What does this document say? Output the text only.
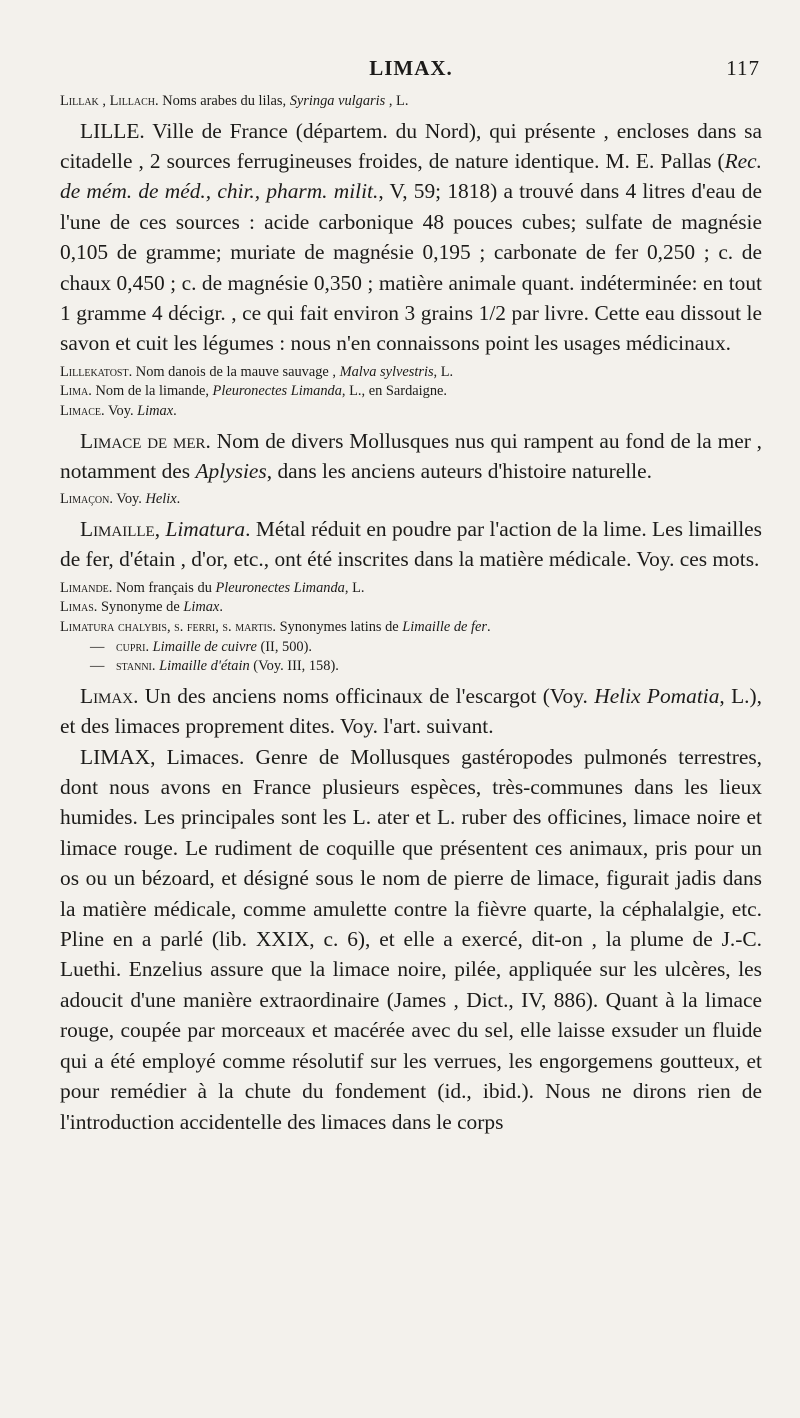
LIMAX.	117

Lillak , Lillach. Noms arabes du lilas, Syringa vulgaris , L.

LILLE. Ville de France (départem. du Nord), qui présente , encloses dans sa citadelle , 2 sources ferrugineuses froides, de nature identique. M. E. Pallas (Rec. de mém. de méd., chir., pharm. milit., V, 59; 1818) a trouvé dans 4 litres d'eau de l'une de ces sources : acide carbonique 48 pouces cubes; sulfate de magnésie 0,105 de gramme; muriate de magnésie 0,195 ; carbonate de fer 0,250 ; c. de chaux 0,450 ; c. de magnésie 0,350 ; matière animale quant. indéterminée: en tout 1 gramme 4 décigr. , ce qui fait environ 3 grains 1/2 par livre. Cette eau dissout le savon et cuit les légumes : nous n'en connaissons point les usages médicinaux.

Lillekatost. Nom danois de la mauve sauvage , Malva sylvestris, L.

Lima. Nom de la limande, Pleuronectes Limanda, L., en Sardaigne.

Limace. Voy. Limax.

Limace de mer. Nom de divers Mollusques nus qui rampent au fond de la mer , notamment des Aplysies, dans les anciens auteurs d'histoire naturelle.

Limaçon. Voy. Helix.

Limaille, Limatura. Métal réduit en poudre par l'action de la lime. Les limailles de fer, d'étain , d'or, etc., ont été inscrites dans la matière médicale. Voy. ces mots.

Limande. Nom français du Pleuronectes Limanda, L.

Limas. Synonyme de Limax.

Limatura chalybis, s. ferri, s. martis. Synonymes latins de Limaille de fer.

— cupri. Limaille de cuivre (II, 500).

— stanni. Limaille d'étain (Voy. III, 158).

Limax. Un des anciens noms officinaux de l'escargot (Voy. Helix Pomatia, L.), et des limaces proprement dites. Voy. l'art. suivant.

LIMAX, Limaces. Genre de Mollusques gastéropodes pulmonés terrestres, dont nous avons en France plusieurs espèces, très-communes dans les lieux humides. Les principales sont les L. ater et L. ruber des officines, limace noire et limace rouge. Le rudiment de coquille que présentent ces animaux, pris pour un os ou un bézoard, et désigné sous le nom de pierre de limace, figurait jadis dans la matière médicale, comme amulette contre la fièvre quarte, la céphalalgie, etc. Pline en a parlé (lib. XXIX, c. 6), et elle a exercé, dit-on , la plume de J.-C. Luethi. Enzelius assure que la limace noire, pilée, appliquée sur les ulcères, les adoucit d'une manière extraordinaire (James , Dict., IV, 886). Quant à la limace rouge, coupée par morceaux et macérée avec du sel, elle laisse exsuder un fluide qui a été employé comme résolutif sur les verrues, les engorgemens goutteux, et pour remédier à la chute du fondement (id., ibid.). Nous ne dirons rien de l'introduction accidentelle des limaces dans le corps
